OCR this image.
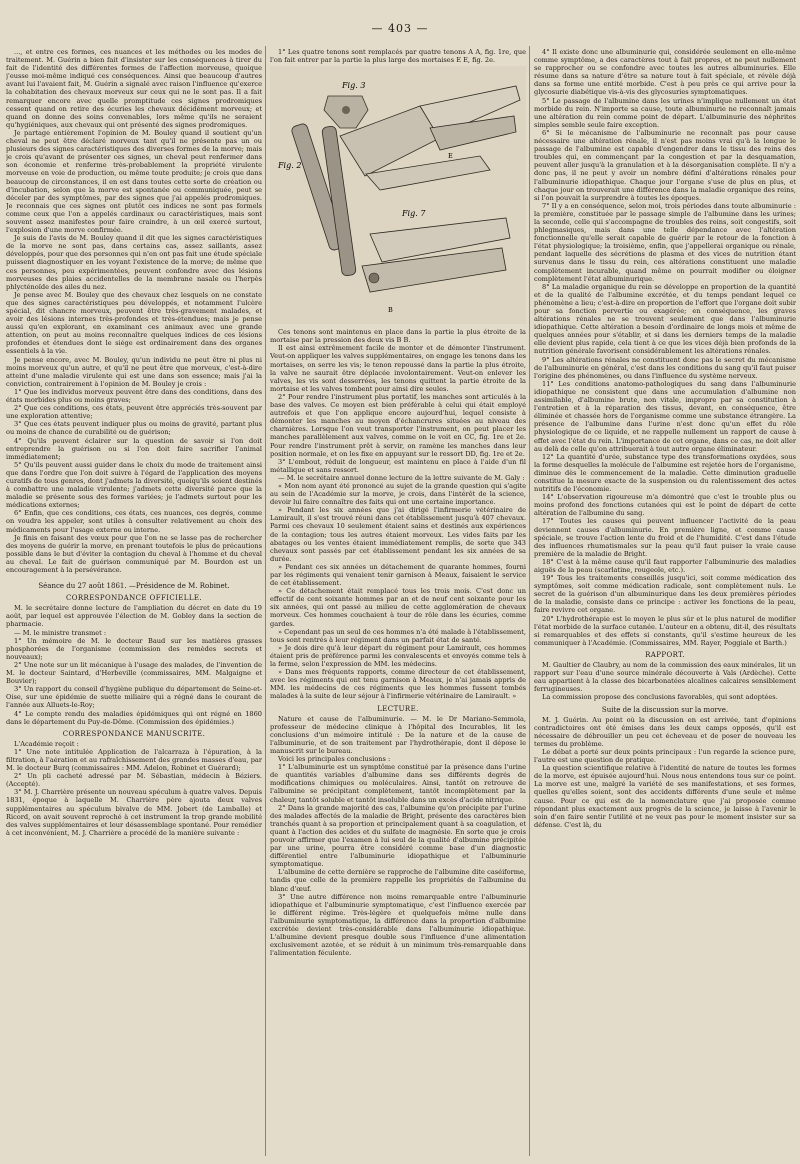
— 403 —

..., et entre ces formes, ces nuances et les méthodes ou les modes de traitement. M. Guérin a bien fait d'insister sur les conséquences à tirer du fait de l'identité des différentes formes de l'affection morveuse, quoique j'eusse moi-même indiqué ces conséquences. Ainsi que beaucoup d'autres avant lui l'avaient fait, M. Guérin a signalé avec raison l'influence qu'exerce la cohabitation des chevaux morveux sur ceux qui ne le sont pas. Il a fait remarquer encore avec quelle promptitude ces signes prodromiques cessent quand on retire des écuries les chevaux décidément morveux; et quand on donne des soins convenables, lors même qu'ils ne seraient qu'hygiéniques, aux chevaux qui ont présenté des signes prodromiques.

Je partage entièrement l'opinion de M. Bouley quand il soutient qu'un cheval ne peut être déclaré morveux tant qu'il ne présente pas un ou plusieurs des signes caractéristiques des diverses formes de la morve; mais je crois qu'avant de présenter ces signes, un cheval peut renfermer dans son économie et renferme très-probablement la propriété virulente morveuse en voie de production, ou même toute produite; je crois que dans beaucoup de circonstances, il en est dans toutes cette sorte de création ou d'incubation, selon que la morve est spontanée ou communiquée, peut se déceler par des symptômes, par des signes que j'ai appelés prodromiques. Je reconnais que ces signes ont plutôt ces indices ne sont pas formels comme ceux que l'on a appelés cardinaux ou caractéristiques, mais sont souvent assez manifestes pour faire craindre, à un œil exercé surtout, l'explosion d'une morve confirmée.

Je suis de l'avis de M. Bouley quand il dit que les signes caractéristiques de la morve ne sont pas, dans certains cas, assez saillants, assez développés, pour que des personnes qui n'en ont pas fait une étude spéciale puissent diagnostiquer en les voyant l'existence de la morve; de même que ces personnes, peu expérimentées, peuvent confondre avec des lésions morveuses des plaies accidentelles de la membrane nasale ou l'herpès phlycténoïde des ailes du nez.

Je pense avec M. Bouley que des chevaux chez lesquels on ne constate que des signes caractéristiques peu développés, et notamment l'ulcère spécial, dit chancre morveux, peuvent être très-gravement malades, et avoir des lésions internes très-profondes et très-étendues; mais je pense aussi qu'en explorant, en examinant ces animaux avec une grande attention, on peut au moins reconnaître quelques indices de ces lésions profondes et étendues dont le siége est ordinairement dans des organes essentiels à la vie.

Je pense encore, avec M. Bouley, qu'un individu ne peut être ni plus ni moins morveux qu'un autre, et qu'il ne peut être que morveux, c'est-à-dire atteint d'une maladie virulente qui est une dans son essence; mais j'ai la conviction, contrairement à l'opinion de M. Bouley je crois :

1° Que les individus morveux peuvent être dans des conditions, dans des états morbides plus ou moins graves;

2° Que ces conditions, ces états, peuvent être appréciés très-souvent par une exploration attentive;

3° Que ces états peuvent indiquer plus ou moins de gravité, partant plus ou moins de chance de curabilité ou de guérison;

4° Qu'ils peuvent éclairer sur la question de savoir si l'on doit entreprendre la guérison ou si l'on doit faire sacrifier l'animal immédiatement;

5° Qu'ils peuvent aussi guider dans le choix du mode de traitement ainsi que dans l'ordre que l'on doit suivre à l'égard de l'application des moyens curatifs de tous genres, dont j'admets la diversité, quoiqu'ils soient destinés à combattre une maladie virulente; j'admets cette diversité parce que la maladie se présente sous des formes variées; je l'admets surtout pour les médications externes;

6° Enfin, que ces conditions, ces états, ces nuances, ces degrés, comme on voudra les appeler, sont utiles à consulter relativement au choix des médicaments pour l'usage externe ou interne.

Je finis en faisant des vœux pour que l'on ne se lasse pas de rechercher des moyens de guérir la morve, en prenant toutefois le plus de précautions possible dans le but d'éviter la contagion du cheval à l'homme et du cheval au cheval. Le fait de guérison communiqué par M. Bourdon est un encouragement à la persévérance.

Séance du 27 août 1861. —Présidence de M. Robinet.

CORRESPONDANCE OFFICIELLE.

M. le secrétaire donne lecture de l'ampliation du décret en date du 19 août, par lequel est approuvée l'élection de M. Gobley dans la section de pharmacie.

— M. le ministre transmet :

1° Un mémoire de M. le docteur Baud sur les matières grasses phosphorées de l'organisme (commission des remèdes secrets et nouveaux);

2° Une note sur un lit mécanique à l'usage des malades, de l'invention de M. le docteur Saintard, d'Herbeville (commissaires, MM. Malgaigne et Bouvier);

3° Un rapport du conseil d'hygiène publique du département de Seine-et-Oise, sur une épidémie de suette miliaire qui a régné dans le courant de l'année aux Alluets-le-Roy;

4° Le compte rendu des maladies épidémiques qui ont régné en 1860 dans le département du Puy-de-Dôme. (Commission des épidémies.)

CORRESPONDANCE MANUSCRITE.

L'Académie reçoit :

1° Une note intitulée Application de l'alcarraza à l'épuration, à la filtration, à l'aération et au rafraîchissement des grandes masses d'eau, par M. le docteur Burq (commissaires : MM. Adelon, Robinet et Guérard);

2° Un pli cacheté adressé par M. Sébastian, médecin à Béziers. (Accepté).

3° M. J. Charrière présente un nouveau spéculum à quatre valves. Depuis 1831, époque à laquelle M. Charrière père ajouta deux valves supplémentaires au spéculum bivalve de MM. Jobert (de Lamballe) et Ricord, on avait souvent reproché à cet instrument la trop grande mobilité des valves supplémentaires et leur désassemblage spontané. Pour remédier à cet inconvénient, M. J. Charrière a procédé de la manière suivante :

1° Les quatre tenons sont remplacés par quatre tenons A A, fig. 1re, que l'on fait entrer par la partie la plus large des mortaises E E, fig. 2e.

Fig. 3
Fig. 2
E
Fig. 7
B

Ces tenons sont maintenus en place dans la partie la plus étroite de la mortaise par la pression des deux vis B B.

Il est ainsi extrêmement facile de monter et de démonter l'instrument. Veut-on appliquer les valves supplémentaires, on engage les tenons dans les mortaises, on serre les vis; le tenon repoussé dans la partie la plus étroite, la valve ne saurait être déplacée involontairement. Veut-on enlever les valves, les vis sont desserrées, les tenons quittent la partie étroite de la mortaise et les valves tombent pour ainsi dire seules.

2° Pour rendre l'instrument plus portatif, les manches sont articulés à la base des valves. Ce moyen est bien préférable à celui qui était employé autrefois et que l'on applique encore aujourd'hui, lequel consiste à démonter les manches au moyen d'échancrures situées au niveau des charnières. Lorsque l'on veut transporter l'instrument, on peut placer les manches parallèlement aux valves, comme on le voit en CC, fig. 1re et 2e. Pour rendre l'instrument prêt à servir, on ramène les manches dans leur position normale, et on les fixe en appuyant sur le ressort DD, fig. 1re et 2e.

3° L'embout, réduit de longueur, est maintenu en place à l'aide d'un fil métallique et sans ressort.

— M. le secrétaire annuel donne lecture de la lettre suivante de M. Galy :

« Mon nom ayant été prononcé au sujet de la grande question qui s'agite au sein de l'Académie sur la morve, je crois, dans l'intérêt de la science, devoir lui faire connaître des faits qui ont une certaine importance.

» Pendant les six années que j'ai dirigé l'infirmerie vétérinaire de Lamirault, il s'est trouvé réuni dans cet établissement jusqu'à 407 chevaux. Parmi ces chevaux 10 seulement étaient sains et destinés aux expériences de la contagion; tous les autres étaient morveux. Les vides faits par les abatages ou les ventes étaient immédiatement remplis, de sorte que 343 chevaux sont passés par cet établissement pendant les six années de sa durée.

» Pendant ces six années un détachement de quarante hommes, fourni par les régiments qui venaient tenir garnison à Meaux, faisaient le service de cet établissement.

» Ce détachement était remplacé tous les trois mois. C'est donc un effectif de cent soixante hommes par an et de neuf cent soixante pour les six années, qui ont passé au milieu de cette agglomération de chevaux morveux. Ces hommes couchaient à tour de rôle dans les écuries, comme gardes.

» Cependant pas un seul de ces hommes n'a été malade à l'établissement, tous sont rentrés à leur régiment dans un parfait état de santé.

» Je dois dire qu'à leur départ du régiment pour Lamirault, ces hommes étaient pris de préférence parmi les convalescents et envoyés comme tels à la ferme, selon l'expression de MM. les médecins.

» Dans mes fréquents rapports, comme directeur de cet établissement, avec les régiments qui ont tenu garnison à Meaux, je n'ai jamais appris de MM. les médecins de ces régiments que les hommes fussent tombés malades à la suite de leur séjour à l'infirmerie vétérinaire de Lamirault. »

LECTURE.

Nature et cause de l'albuminurie. — M. le Dr Mariano-Semmola, professeur de médecine clinique à l'hôpital des Incurables, lit les conclusions d'un mémoire intitulé : De la nature et de la cause de l'albuminurie, et de son traitement par l'hydrothérapie, dont il dépose le manuscrit sur le bureau.

Voici les principales conclusions :

1° L'albuminurie est un symptôme constitué par la présence dans l'urine de quantités variables d'albumine dans ses différents degrés de modifications chimiques ou moléculaires. Ainsi, tantôt on retrouve de l'albumine se précipitant complètement, tantôt incomplètement par la chaleur, tantôt soluble et tantôt insoluble dans un excès d'acide nitrique.

2° Dans la grande majorité des cas, l'albumine qu'on précipite par l'urine des malades affectés de la maladie de Bright, présente des caractères bien tranchés quant à sa proportion et principalement quant à sa coagulation, et quant à l'action des acides et du sulfate de magnésie. En sorte que je crois pouvoir affirmer que l'examen à lui seul de la qualité d'albumine précipitée par une urine, pourra être considéré comme base d'un diagnostic différentiel entre l'albuminurie idiopathique et l'albuminurie symptomatique.

L'albumine de cette dernière se rapproche de l'albumine dite caséiforme, tandis que celle de la première rappelle les propriétés de l'albumine du blanc d'œuf.

3° Une autre différence non moins remarquable entre l'albuminurie idiopathique et l'albuminurie symptomatique, c'est l'influence exercée par le différent régime. Très-légère et quelquefois même nulle dans l'albuminurie symptomatique, la différence dans la proportion d'albumine excrétée devient très-considérable dans l'albuminurie idiopathique. L'albumine devient presque double sous l'influence d'une alimentation exclusivement azotée, et se réduit à un minimum très-remarquable dans l'alimentation féculente.

4° Il existe donc une albuminurie qui, considérée seulement en elle-même comme symptôme, a des caractères tout à fait propres, et ne peut nullement se rapprocher ou se confondre avec toutes les autres albuminuries. Elle résume dans sa nature d'être sa nature tout à fait spéciale, et révèle déjà dans sa forme une entité morbide. C'est à peu près ce qui arrive pour la glycosurie diabétique vis-à-vis des glycosuries symptomatiques.

5° Le passage de l'albumine dans les urines n'implique nullement un état morbide du rein. N'importe sa cause, toute albuminurie ne reconnaît jamais une altération du rein comme point de départ. L'albuminurie des néphrites simples semble seule faire exception.

6° Si le mécanisme de l'albuminurie ne reconnaît pas pour cause nécessaire une altération rénale, il n'est pas moins vrai qu'à la longue le passage de l'albumine est capable d'engendrer dans le tissu des reins des troubles qui, en commençant par la congestion et par la desquamation, peuvent aller jusqu'à la granulation et à la désorganisation complète. Il n'y a donc pas, il ne peut y avoir un nombre défini d'altérations rénales pour l'albuminurie idiopathique. Chaque jour l'organe s'use de plus en plus, et chaque jour on trouverait une différence dans la maladie organique des reins, si l'on pouvait la surprendre à toutes les époques.

7° Il y a en conséquence, selon moi, trois périodes dans toute albuminurie : la première, constituée par le passage simple de l'albumine dans les urines; la seconde, celle qui s'accompagne de troubles des reins, soit congestifs, soit phlegmasiques, mais dans une telle dépendance avec l'altération fonctionnelle qu'elle serait capable de guérir par le retour de la fonction à l'état physiologique; la troisième, enfin, que j'appellerai organique ou rénale, pendant laquelle des sécrétions de plasma et des vices de nutrition étant survenus dans le tissu du rein, ces altérations constituent une maladie complètement incurable, quand même on pourrait modifier ou éloigner complètement l'état albuminurique.

8° La maladie organique du rein se développe en proportion de la quantité et de la qualité de l'albumine excrétée, et du temps pendant lequel ce phénomène a lieu; c'est-à-dire en proportion de l'effort que l'organe doit subir pour sa fonction pervertie ou exagérée; en conséquence, les graves altérations rénales ne se trouvent seulement que dans l'albuminurie idiopathique. Cette altération a besoin d'ordinaire de longs mois et même de quelques années pour s'établir, et si dans les derniers temps de la maladie elle devient plus rapide, cela tient à ce que les vices déjà bien profonds de la nutrition générale favorisent considérablement les altérations rénales.

9° Les altérations rénales ne constituent donc pas le secret du mécanisme de l'albuminurie en général, c'est dans les conditions du sang qu'il faut puiser l'origine des phénomènes, ou dans l'influence du système nerveux.

11° Les conditions anatomo-pathologiques du sang dans l'albuminurie idiopathique ne consistent que dans une accumulation d'albumine non assimilable, d'albumine brute, non vitale, impropre par sa constitution à l'entretien et à la réparation des tissus, devant, en conséquence, être éliminée et chassée hors de l'organisme comme une substance étrangère. La présence de l'albumine dans l'urine n'est donc qu'un effet du rôle physiologique de ce liquide, et ne rappelle nullement un rapport de cause à effet avec l'état du rein. L'importance de cet organe, dans ce cas, ne doit aller au delà de celle qu'on attribuerait à tout autre organe éliminateur.

12° La quantité d'urée, substance type des transformations oxydées, sous la forme desquelles la molécule de l'albumine est rejetée hors de l'organisme, diminue dès le commencement de la maladie. Cette diminution graduelle constitue la mesure exacte de la suspension ou du ralentissement des actes nutritifs de l'économie.

14° L'observation rigoureuse m'a démontré que c'est le trouble plus ou moins profond des fonctions cutanées qui est le point de départ de cette altération de l'albumine du sang.

17° Toutes les causes qui peuvent influencer l'activité de la peau deviennent causes d'albuminurie. En première ligne, et comme cause spéciale, se trouve l'action lente du froid et de l'humidité. C'est dans l'étude des influences rhumatismales sur la peau qu'il faut puiser la vraie cause première de la maladie de Bright.

18° C'est à la même cause qu'il faut rapporter l'albuminurie des maladies aiguës de la peau (scarlatine, rougeole, etc.).

19° Tous les traitements conseillés jusqu'ici, soit comme médication des symptômes, soit comme médication radicale, sont complètement nuls. Le secret de la guérison d'un albuminurique dans les deux premières périodes de la maladie, consiste dans ce principe : activer les fonctions de la peau, faire revivre cet organe.

20° L'hydrothérapie est le moyen le plus sûr et le plus naturel de modifier l'état morbide de la surface cutanée. L'auteur en a obtenu, dit-il, des résultats si remarquables et des effets si constants, qu'il s'estime heureux de les communiquer à l'Académie. (Commissaires, MM. Rayer, Poggiale et Barth.)

RAPPORT.

M. Gaultier de Claubry, au nom de la commission des eaux minérales, lit un rapport sur l'eau d'une source minérale découverte à Vals (Ardèche). Cette eau appartient à la classe des bicarbonatées alcalines calcaires sensiblement ferrugineuses.

La commission propose des conclusions favorables, qui sont adoptées.

Suite de la discussion sur la morve.

M. J. Guérin. Au point où la discussion en est arrivée, tant d'opinions contradictoires ont été émises dans les deux camps opposés, qu'il est nécessaire de débrouiller un peu cet écheveau et de poser de nouveau les termes du problème.

Le débat a porté sur deux points principaux : l'un regarde la science pure, l'autre est une question de pratique.

La question scientifique relative à l'identité de nature de toutes les formes de la morve, est épuisée aujourd'hui. Nous nous entendons tous sur ce point. La morve est une, malgré la variété de ses manifestations, et ses formes, quelles qu'elles soient, sont des accidents différents d'une seule et même cause. Pour ce qui est de la nomenclature que j'ai proposée comme répondant plus exactement aux progrès de la science, je laisse à l'avenir le soin d'en faire sentir l'utilité et ne veux pas pour le moment insister sur sa défense. C'est là, du
